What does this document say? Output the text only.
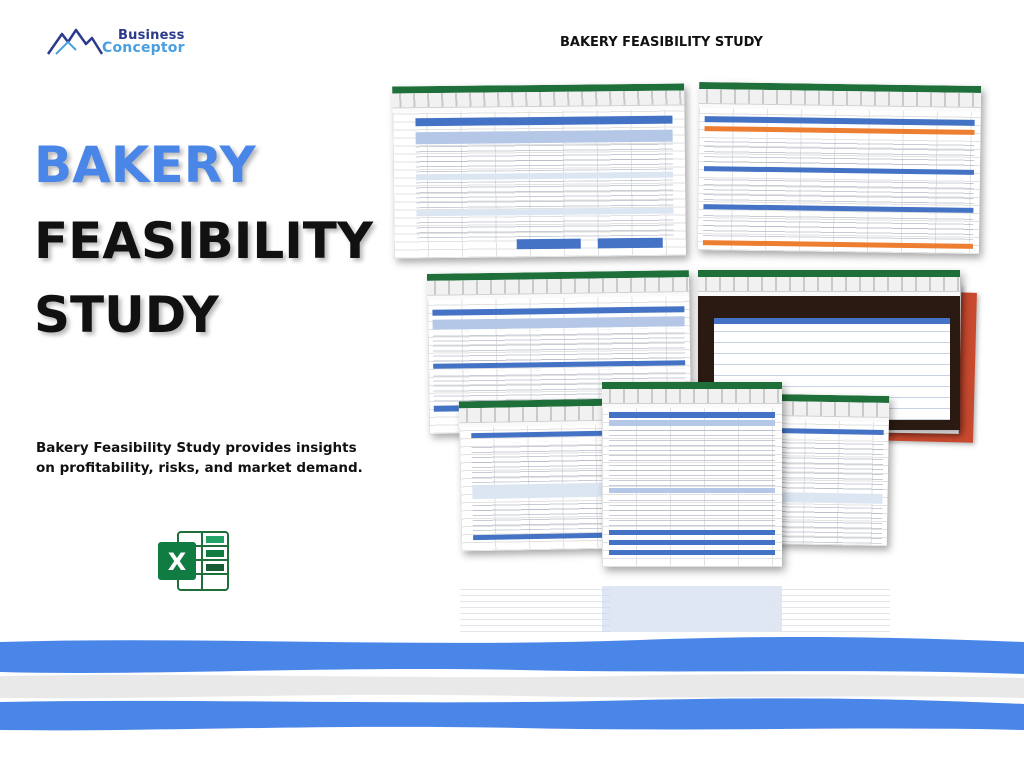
Business
Conceptor	BAKERY FEASIBILITY STUDY
BAKERY
FEASIBILITY
STUDY
Bakery Feasibility Study provides insights on profitability, risks, and market demand.
X
